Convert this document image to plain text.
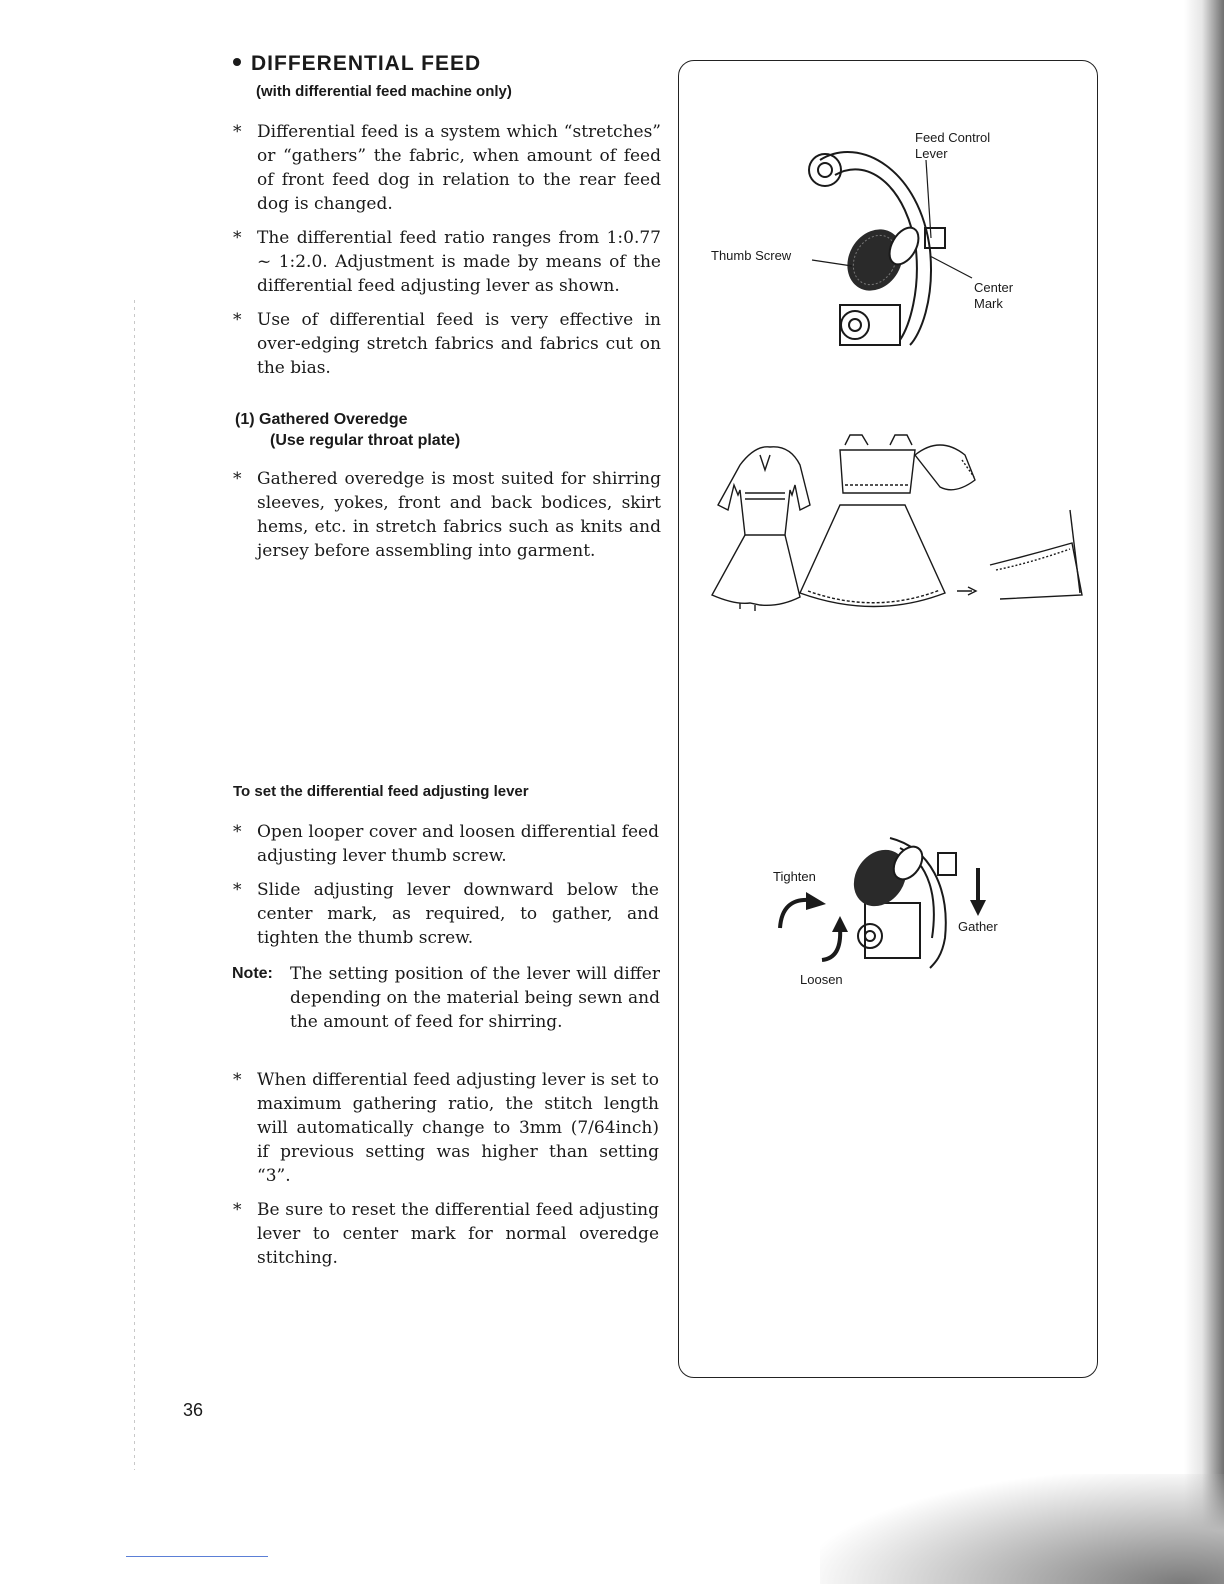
DIFFERENTIAL FEED
(with differential feed machine only)
* Differential feed is a system which “stretches” or “gathers” the fabric, when amount of feed of front feed dog in relation to the rear feed dog is changed.
* The differential feed ratio ranges from 1:0.77 ~ 1:2.0. Adjustment is made by means of the differential feed adjusting lever as shown.
* Use of differential feed is very effective in over-edging stretch fabrics and fabrics cut on the bias.
(1) Gathered Overedge
(Use regular throat plate)
* Gathered overedge is most suited for shirring sleeves, yokes, front and back bodices, skirt hems, etc. in stretch fabrics such as knits and jersey before assembling into garment.
To set the differential feed adjusting lever
* Open looper cover and loosen differential feed adjusting lever thumb screw.
* Slide adjusting lever downward below the center mark, as required, to gather, and tighten the thumb screw.
Note: The setting position of the lever will differ depending on the material being sewn and the amount of feed for shirring.
* When differential feed adjusting lever is set to maximum gathering ratio, the stitch length will automatically change to 3mm (7/64inch) if previous setting was higher than setting “3”.
* Be sure to reset the differential feed adjusting lever to center mark for normal overedge stitching.
36
Feed Control
Lever
Thumb Screw
Center
Mark
Tighten
Gather
Loosen
